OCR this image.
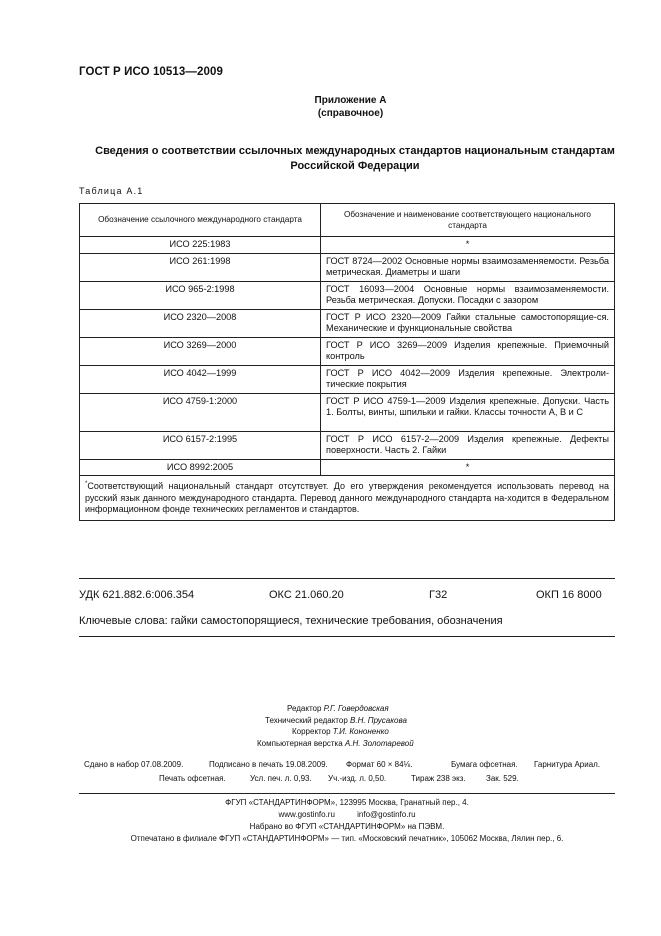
ГОСТ Р ИСО 10513—2009
Приложение А
(справочное)
Сведения о соответствии ссылочных международных стандартов национальным стандартам Российской Федерации
Таблица А.1
Обозначение ссылочного международного стандарта	Обозначение и наименование соответствующего национального стандарта
ИСО 225:1983	*
ИСО 261:1998	ГОСТ 8724—2002 Основные нормы взаимозаменяемости. Резьба метрическая. Диаметры и шаги
ИСО 965-2:1998	ГОСТ 16093—2004 Основные нормы взаимозаменяемости. Резьба метрическая. Допуски. Посадки с зазором
ИСО 2320—2008	ГОСТ Р ИСО 2320—2009 Гайки стальные самостопорящие-ся. Механические и функциональные свойства
ИСО 3269—2000	ГОСТ Р ИСО 3269—2009 Изделия крепежные. Приемочный контроль
ИСО 4042—1999	ГОСТ Р ИСО 4042—2009 Изделия крепежные. Электроли-тические покрытия
ИСО 4759-1:2000	ГОСТ Р ИСО 4759-1—2009 Изделия крепежные. Допуски. Часть 1. Болты, винты, шпильки и гайки. Классы точности А, В и С
ИСО 6157-2:1995	ГОСТ Р ИСО 6157-2—2009 Изделия крепежные. Дефекты поверхности. Часть 2. Гайки
ИСО 8992:2005	*
*Соответствующий национальный стандарт отсутствует. До его утверждения рекомендуется использовать перевод на русский язык данного международного стандарта. Перевод данного международного стандарта на-ходится в Федеральном информационном фонде технических регламентов и стандартов.	
УДК 621.882.6:006.354	ОКС 21.060.20	Г32	ОКП 16 8000
Ключевые слова: гайки самостопорящиеся, технические требования, обозначения
Редактор Р.Г. Говердовская
Технический редактор В.Н. Прусакова
Корректор Т.И. Кононенко
Компьютерная верстка А.Н. Золотаревой
Сдано в набор 07.08.2009.	Подписано в печать 19.08.2009. Формат 60 × 84⅛.	Бумага офсетная. Гарнитура Ариал.
Печать офсетная.	Усл. печ. л. 0,93. Уч.-изд. л. 0,50.	Тираж 238 экз.	Зак. 529.
ФГУП «СТАНДАРТИНФОРМ», 123995 Москва, Гранатный пер., 4.
www.gostinfo.ru          info@gostinfo.ru
Набрано во ФГУП «СТАНДАРТИНФОРМ» на ПЭВМ.
Отпечатано в филиале ФГУП «СТАНДАРТИНФОРМ» — тип. «Московский печатник», 105062 Москва, Лялин пер., 6.
